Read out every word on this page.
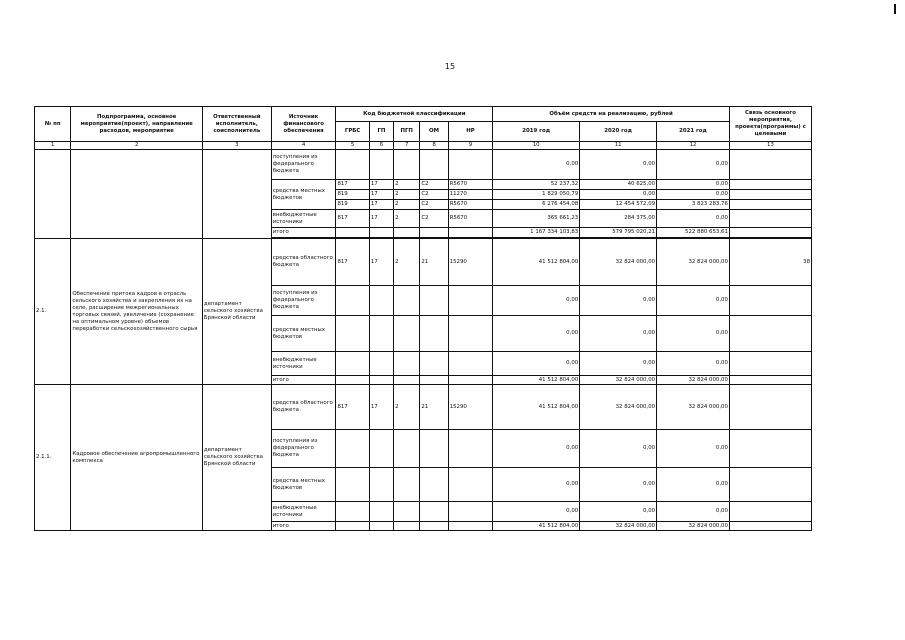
15
№ пп	Подпрограмма, основное мероприятие(проект), направление расходов, мероприятие	Ответственный исполнитель, соисполнитель	Источник финансового обеспечения	Код бюджетной классификации					Объём средств на реализацию, рублей			Связь основного мероприятия, проекта(программы) с целевыми
				ГРБС	ГП	ПГП	ОМ	НР	2019 год	2020 год	2021 год	
1	2	3	4	5	6	7	8	9	10	11	12	13
			поступления из федерального бюджета						0,00	0,00	0,00	
			средства местных бюджетов	817	17	2	С2	R5670	52 237,32	40 625,00	0,00	
				819	17	2	С2	11270	1 829 050,79	0,00	0,00	
				819	17	2	С2	R5670	6 276 454,08	12 454 572,09	3 823 283,76	
			внебюджетные источники	817	17	2	С2	R5670	365 661,23	284 375,00	0,00	
			итого						1 167 334 103,83	579 795 020,21	522 880 653,61	

2.1.	Обеспечение притока кадров в отрасль сельского хозяйства и закрепления их на селе, расширение межрегиональных торговых связей, увеличение (сохранение на оптимальном уровне) объемов переработки сельскохозяйственного сырья	департамент сельского хозяйства Брянской области	средства областного бюджета	817	17	2	21	15290	41 512 804,00	32 824 000,00	32 824 000,00	38
			поступления из федерального бюджета						0,00	0,00	0,00	
			средства местных бюджетов						0,00	0,00	0,00	
			внебюджетные источники						0,00	0,00	0,00	
			итого						41 512 804,00	32 824 000,00	32 824 000,00	
2.1.1.	Кадровое обеспечение агропромышленного комплекса	департамент сельского хозяйства Брянской области	средства областного бюджета	817	17	2	21	15290	41 512 804,00	32 824 000,00	32 824 000,00	
			поступления из федерального бюджета						0,00	0,00	0,00	
			средства местных бюджетов						0,00	0,00	0,00	
			внебюджетные источники						0,00	0,00	0,00	
			итого						41 512 804,00	32 824 000,00	32 824 000,00	
